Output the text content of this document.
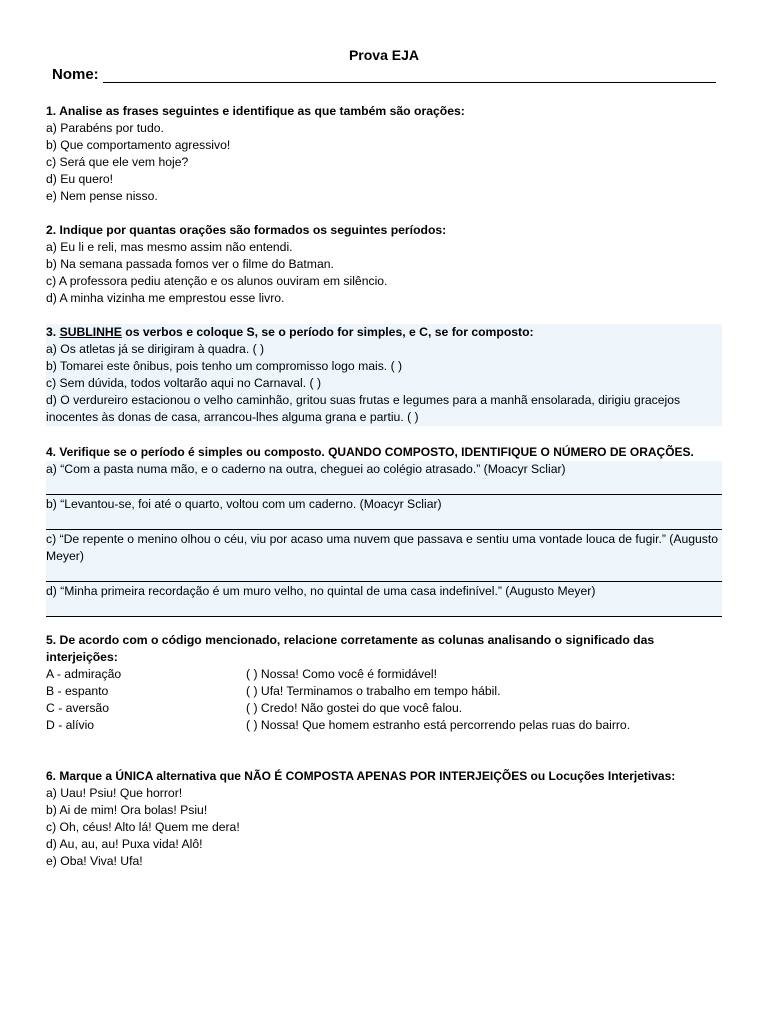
Prova EJA
Nome:
1. Analise as frases seguintes e identifique as que também são orações:
a) Parabéns por tudo.
b) Que comportamento agressivo!
c) Será que ele vem hoje?
d) Eu quero!
e) Nem pense nisso.
2. Indique por quantas orações são formados os seguintes períodos:
a) Eu li e reli, mas mesmo assim não entendi.
b) Na semana passada fomos ver o filme do Batman.
c) A professora pediu atenção e os alunos ouviram em silêncio.
d) A minha vizinha me emprestou esse livro.
3. SUBLINHE os verbos e coloque S, se o período for simples, e C, se for composto:
a) Os atletas já se dirigiram à quadra. ( )
b) Tomarei este ônibus, pois tenho um compromisso logo mais. ( )
c) Sem dúvida, todos voltarão aqui no Carnaval. ( )
d) O verdureiro estacionou o velho caminhão, gritou suas frutas e legumes para a manhã ensolarada, dirigiu gracejos inocentes às donas de casa, arrancou-lhes alguma grana e partiu. ( )
4. Verifique se o período é simples ou composto. QUANDO COMPOSTO, IDENTIFIQUE O NÚMERO DE ORAÇÕES.
a) “Com a pasta numa mão, e o caderno na outra, cheguei ao colégio atrasado.” (Moacyr Scliar)
b) “Levantou-se, foi até o quarto, voltou com um caderno. (Moacyr Scliar)
c) “De repente o menino olhou o céu, viu por acaso uma nuvem que passava e sentiu uma vontade louca de fugir.” (Augusto Meyer)
d) “Minha primeira recordação é um muro velho, no quintal de uma casa indefinível.” (Augusto Meyer)
5. De acordo com o código mencionado, relacione corretamente as colunas analisando o significado das interjeições:
A - admiração	( ) Nossa! Como você é formidável!
B - espanto	( ) Ufa! Terminamos o trabalho em tempo hábil.
C - aversão	( ) Credo! Não gostei do que você falou.
D - alívio	( ) Nossa! Que homem estranho está percorrendo pelas ruas do bairro.
6. Marque a ÚNICA alternativa que NÃO É COMPOSTA APENAS POR INTERJEIÇÕES ou Locuções Interjetivas:
a) Uau! Psiu! Que horror!
b) Ai de mim! Ora bolas! Psiu!
c) Oh, céus! Alto lá! Quem me dera!
d) Au, au, au! Puxa vida! Alô!
e) Oba! Viva! Ufa!
